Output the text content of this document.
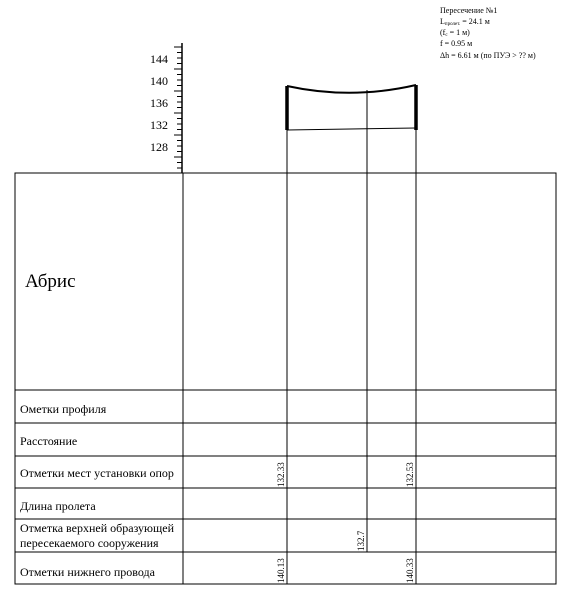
Пересечение №1
Lпролет. = 24.1 м
(fc = 1 м)
f = 0.95 м
Δh = 6.61 м (по ПУЭ > ?? м)
144
140
136
132
128
Абрис
Ометки профиля
Расстояние
Отметки мест установки опор
Длина пролета
Отметка верхней образующей
пересекаемого сооружения
Отметки нижнего провода
132.33	132.53
132.7
140.13	140.33
